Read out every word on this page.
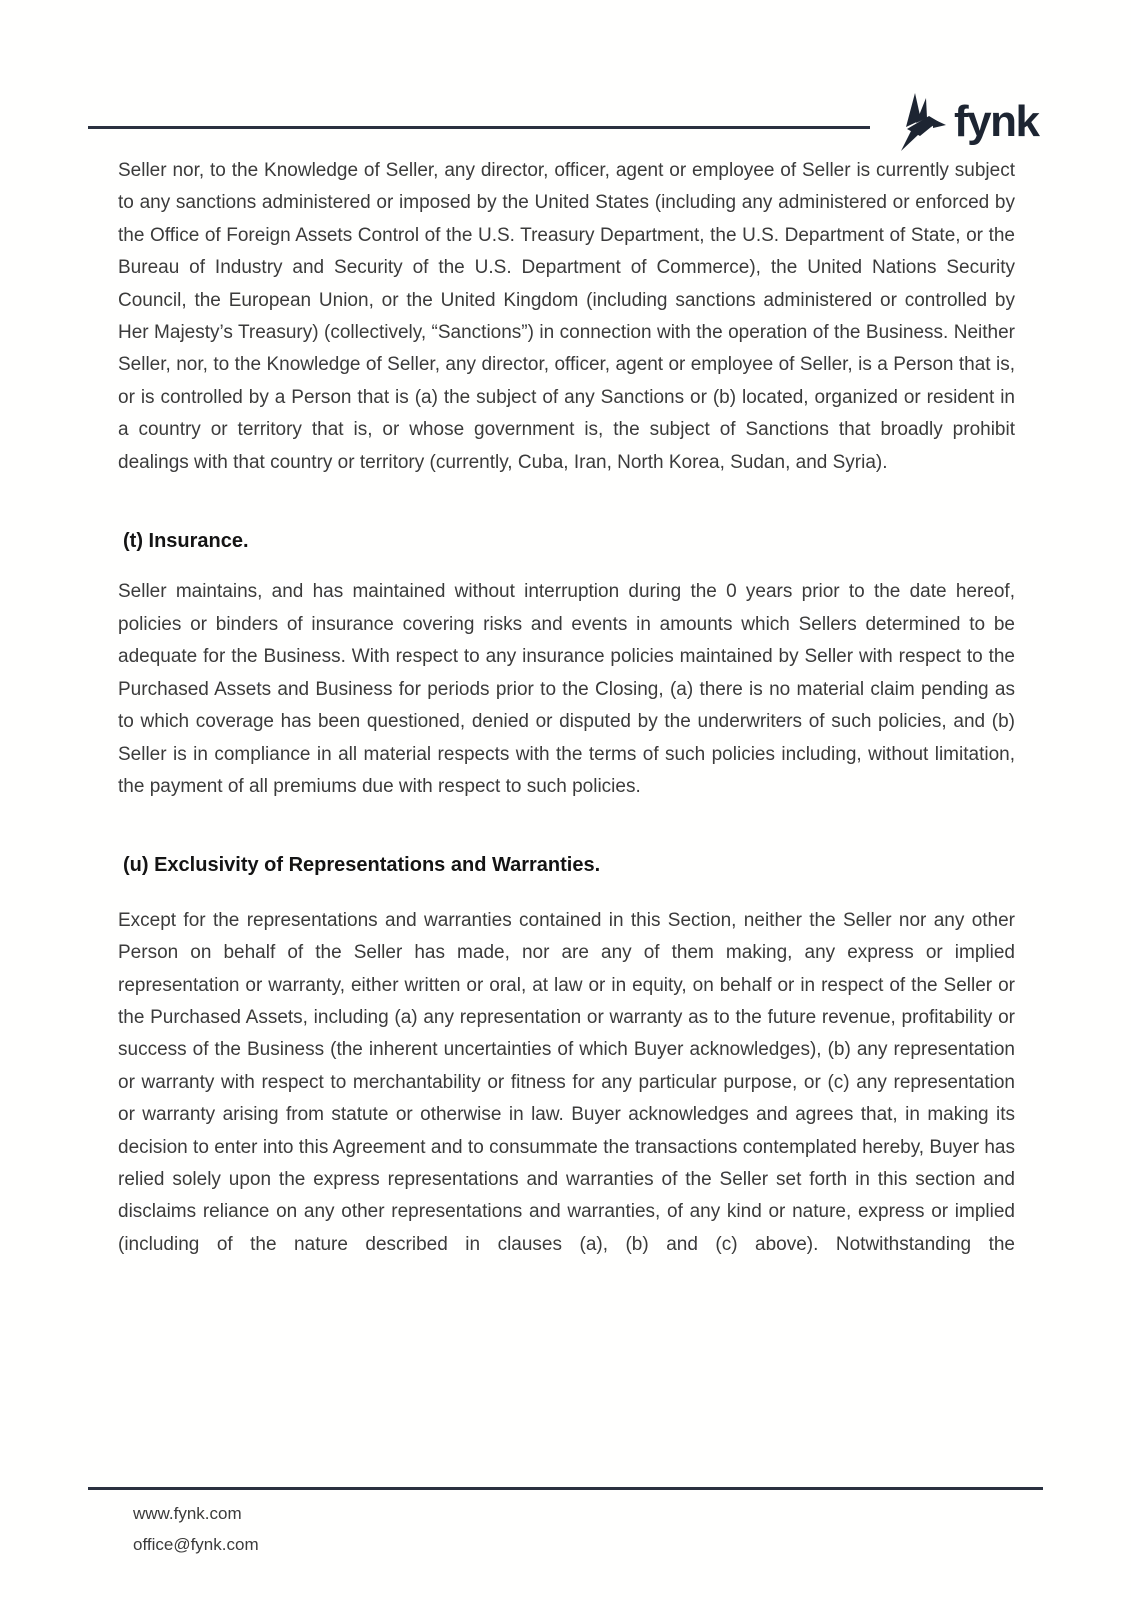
fynk

Seller nor, to the Knowledge of Seller, any director, officer, agent or employee of Seller is currently subject to any sanctions administered or imposed by the United States (including any administered or enforced by the Office of Foreign Assets Control of the U.S. Treasury Department, the U.S. Department of State, or the Bureau of Industry and Security of the U.S. Department of Commerce), the United Nations Security Council, the European Union, or the United Kingdom (including sanctions administered or controlled by Her Majesty’s Treasury) (collectively, “Sanctions”) in connection with the operation of the Business. Neither Seller, nor, to the Knowledge of Seller, any director, officer, agent or employee of Seller, is a Person that is, or is controlled by a Person that is (a) the subject of any Sanctions or (b) located, organized or resident in a country or territory that is, or whose government is, the subject of Sanctions that broadly prohibit dealings with that country or territory (currently, Cuba, Iran, North Korea, Sudan, and Syria).

(t) Insurance.

Seller maintains, and has maintained without interruption during the 0 years prior to the date hereof, policies or binders of insurance covering risks and events in amounts which Sellers determined to be adequate for the Business. With respect to any insurance policies maintained by Seller with respect to the Purchased Assets and Business for periods prior to the Closing, (a) there is no material claim pending as to which coverage has been questioned, denied or disputed by the underwriters of such policies, and (b) Seller is in compliance in all material respects with the terms of such policies including, without limitation, the payment of all premiums due with respect to such policies.

(u) Exclusivity of Representations and Warranties.

Except for the representations and warranties contained in this Section, neither the Seller nor any other Person on behalf of the Seller has made, nor are any of them making, any express or implied representation or warranty, either written or oral, at law or in equity, on behalf or in respect of the Seller or the Purchased Assets, including (a) any representation or warranty as to the future revenue, profitability or success of the Business (the inherent uncertainties of which Buyer acknowledges), (b) any representation or warranty with respect to merchantability or fitness for any particular purpose, or (c) any representation or warranty arising from statute or otherwise in law. Buyer acknowledges and agrees that, in making its decision to enter into this Agreement and to consummate the transactions contemplated hereby, Buyer has relied solely upon the express representations and warranties of the Seller set forth in this section and disclaims reliance on any other representations and warranties, of any kind or nature, express or implied (including of the nature described in clauses (a), (b) and (c) above). Notwithstanding the

www.fynk.com
office@fynk.com
